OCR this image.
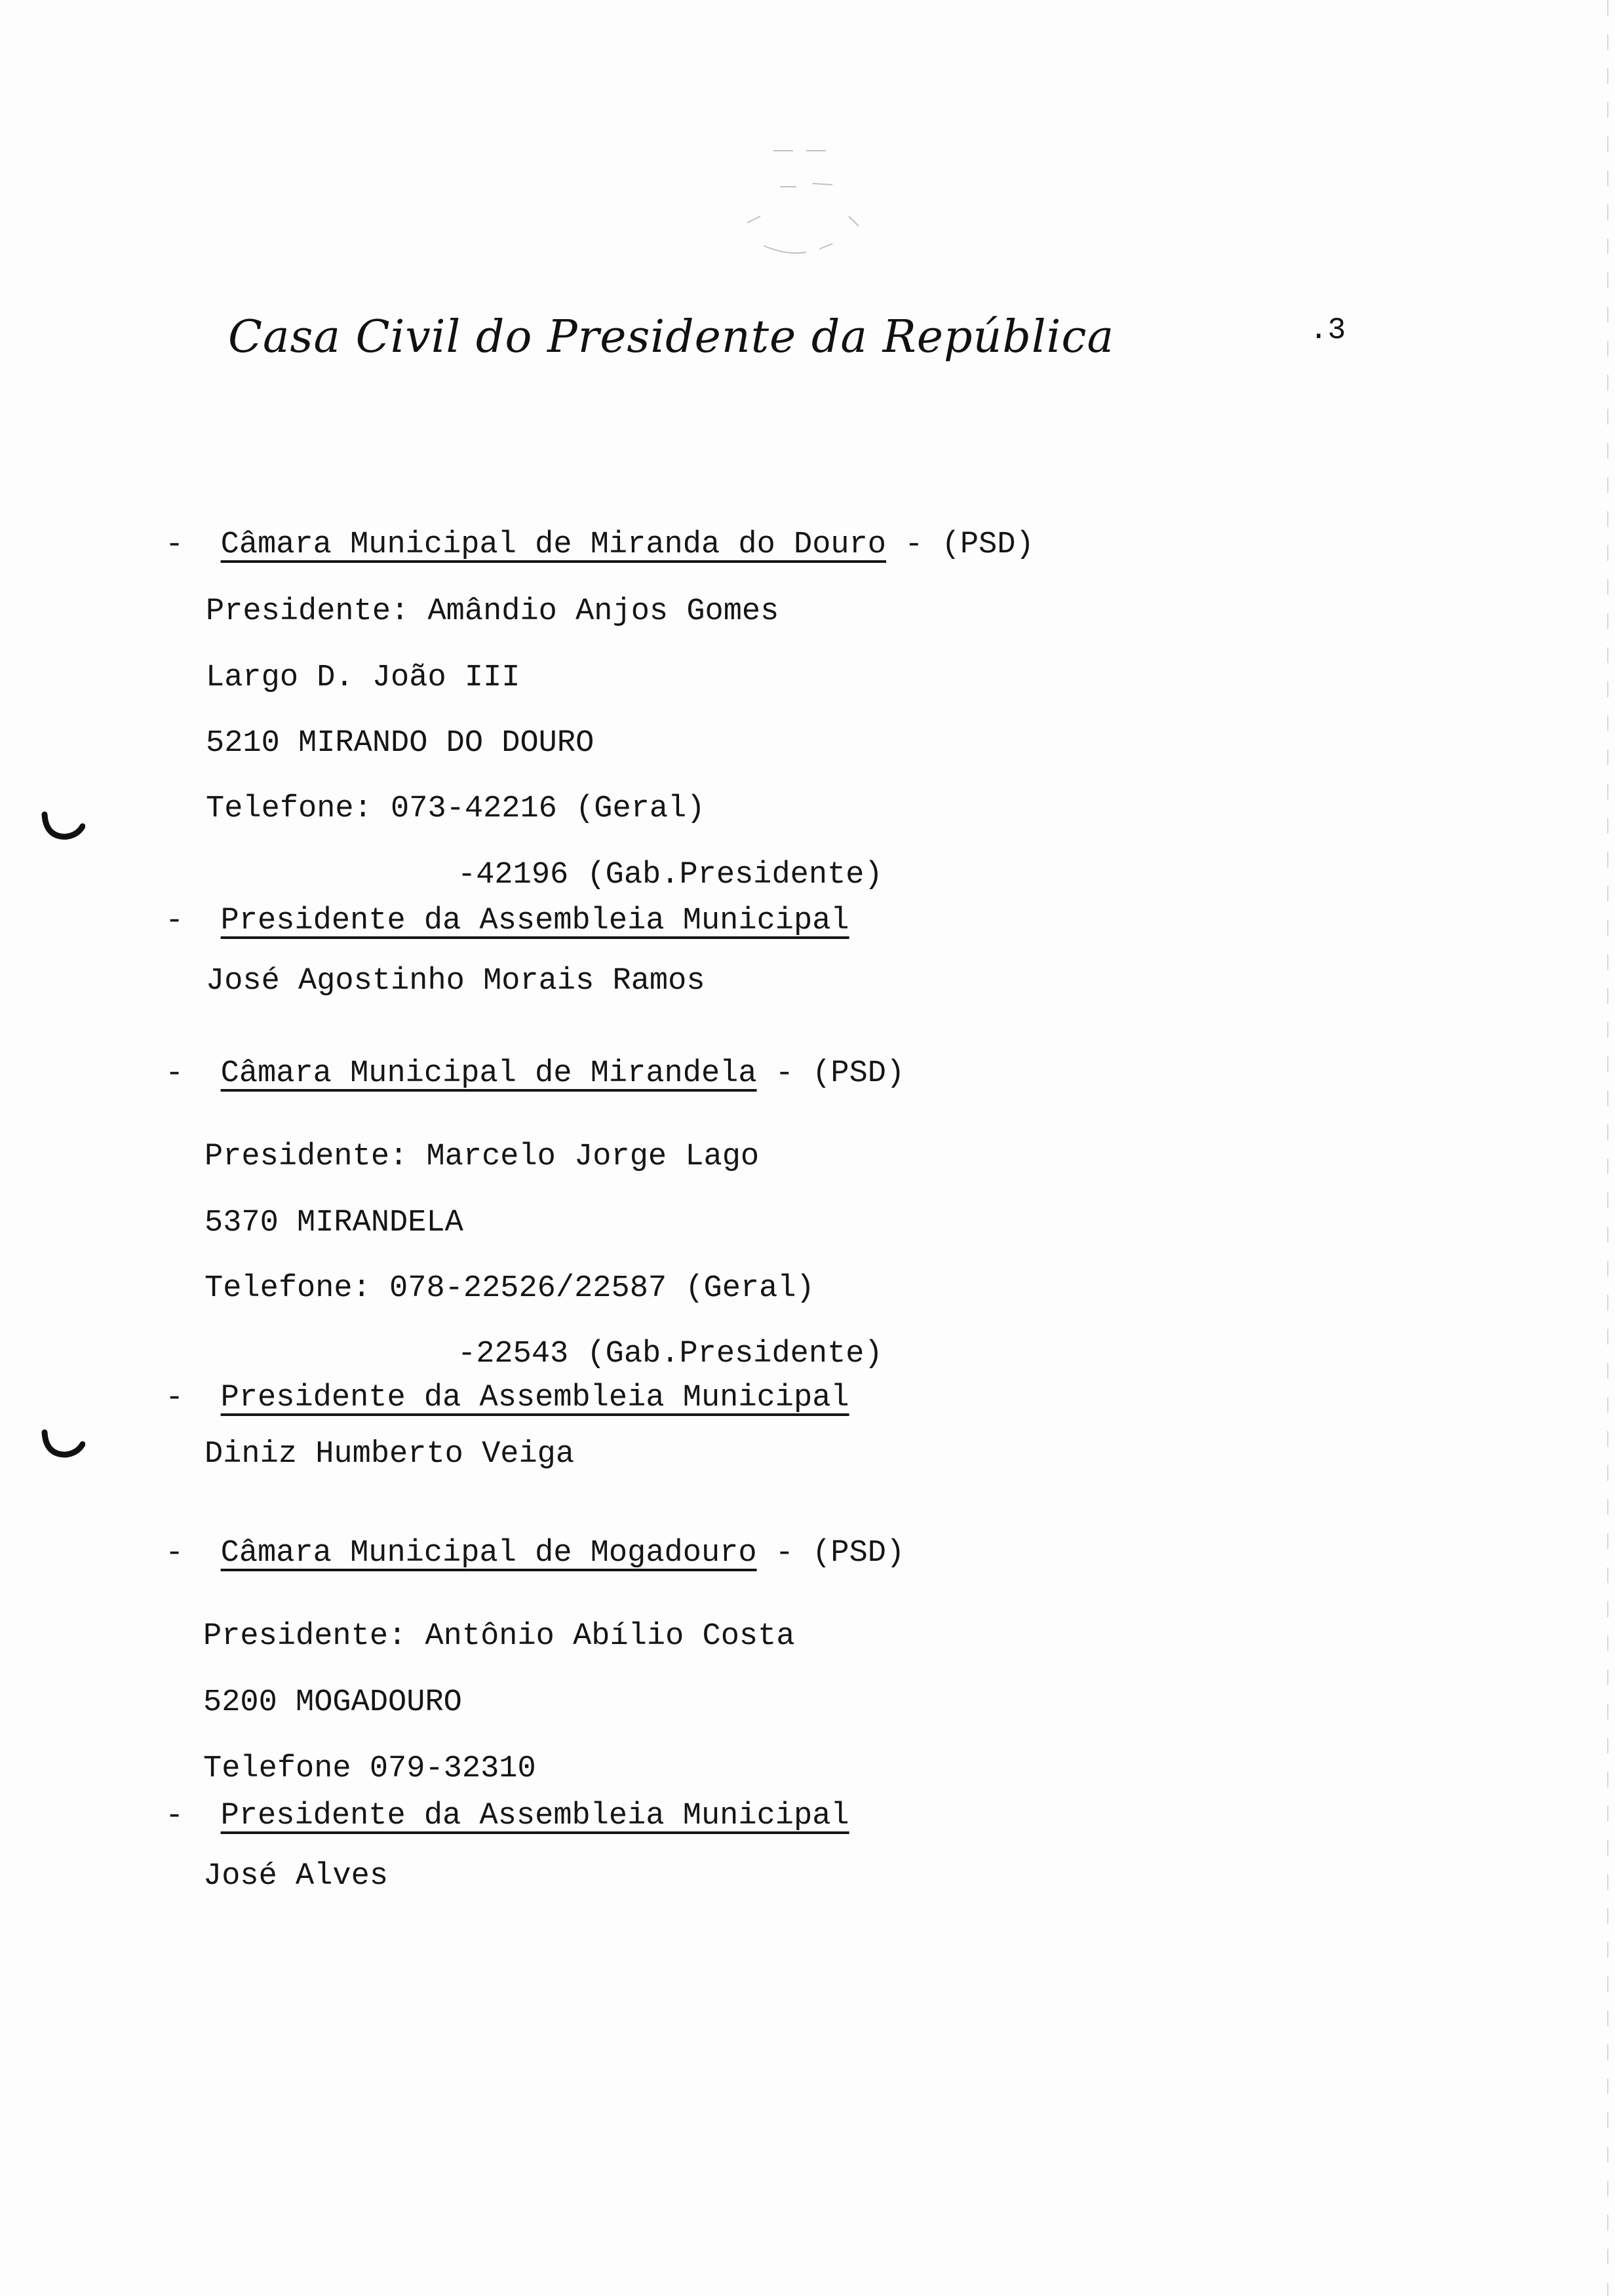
Casa Civil do Presidente da República	.3
- Câmara Municipal de Miranda do Douro - (PSD)
Presidente: Amândio Anjos Gomes
Largo D. João III
5210 MIRANDO DO DOURO
Telefone: 073-42216 (Geral)
-42196 (Gab.Presidente)
- Presidente da Assembleia Municipal
José Agostinho Morais Ramos
- Câmara Municipal de Mirandela - (PSD)
Presidente: Marcelo Jorge Lago
5370 MIRANDELA
Telefone: 078-22526/22587 (Geral)
-22543 (Gab.Presidente)
- Presidente da Assembleia Municipal
Diniz Humberto Veiga
- Câmara Municipal de Mogadouro - (PSD)
Presidente: Antônio Abílio Costa
5200 MOGADOURO
Telefone 079-32310
- Presidente da Assembleia Municipal
José Alves
